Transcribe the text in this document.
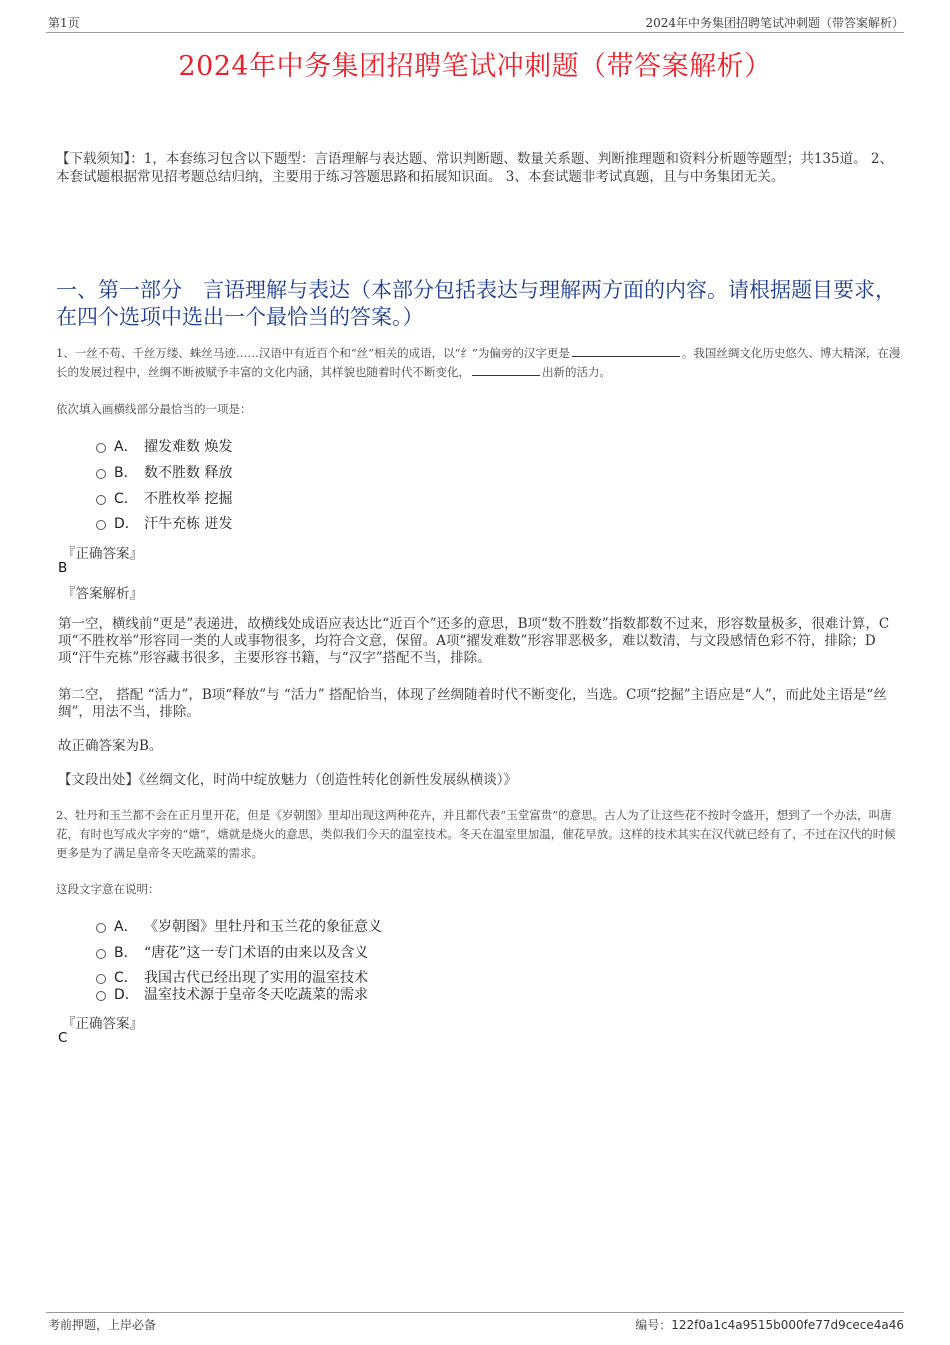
第1页	2024年中务集团招聘笔试冲刺题（带答案解析）
2024年中务集团招聘笔试冲刺题（带答案解析）
【下载须知】：1，本套练习包含以下题型：言语理解与表达题、常识判断题、数量关系题、判断推理题和资料分析题等题型；共135道。 2、本套试题根据常见招考题总结归纳，主要用于练习答题思路和拓展知识面。 3、本套试题非考试真题，且与中务集团无关。
一、第一部分　言语理解与表达（本部分包括表达与理解两方面的内容。请根据题目要求，在四个选项中选出一个最恰当的答案。）
1、一丝不苟、千丝万缕、蛛丝马迹……汉语中有近百个和“丝”相关的成语，以“纟”为偏旁的汉字更是	。我国丝绸文化历史悠久、博大精深，在漫长的发展过程中，丝绸不断被赋予丰富的文化内涵，其样貌也随着时代不断变化，	出新的活力。
依次填入画横线部分最恰当的一项是：
A． 擢发难数 焕发
B． 数不胜数 释放
C． 不胜枚举 挖掘
D． 汗牛充栋 迸发
『正确答案』
B
『答案解析』
第一空，横线前“更是”表递进，故横线处成语应表达比“近百个”还多的意思，B项“数不胜数”指数都数不过来，形容数量极多，很难计算，C项“不胜枚举”形容同一类的人或事物很多，均符合文意，保留。A项“擢发难数”形容罪恶极多，难以数清，与文段感情色彩不符，排除；D项“汗牛充栋”形容藏书很多，主要形容书籍，与“汉字”搭配不当，排除。
第二空， 搭配 “活力”，B项“释放”与 “活力” 搭配恰当，体现了丝绸随着时代不断变化，当选。C项“挖掘”主语应是“人”，而此处主语是“丝绸”，用法不当，排除。
故正确答案为B。
【文段出处】《丝绸文化，时尚中绽放魅力（创造性转化创新性发展纵横谈）》
2、牡丹和玉兰都不会在正月里开花，但是《岁朝图》里却出现这两种花卉，并且都代表“玉堂富贵”的意思。古人为了让这些花不按时令盛开，想到了一个办法，叫唐花，有时也写成火字旁的“煻”，煻就是烧火的意思，类似我们今天的温室技术。冬天在温室里加温，催花早放。这样的技术其实在汉代就已经有了，不过在汉代的时候更多是为了满足皇帝冬天吃蔬菜的需求。
这段文字意在说明：
A． 《岁朝图》里牡丹和玉兰花的象征意义
B． “唐花”这一专门术语的由来以及含义
C． 我国古代已经出现了实用的温室技术
D． 温室技术源于皇帝冬天吃蔬菜的需求
『正确答案』
C
考前押题，上岸必备	编号：122f0a1c4a9515b000fe77d9cece4a46
